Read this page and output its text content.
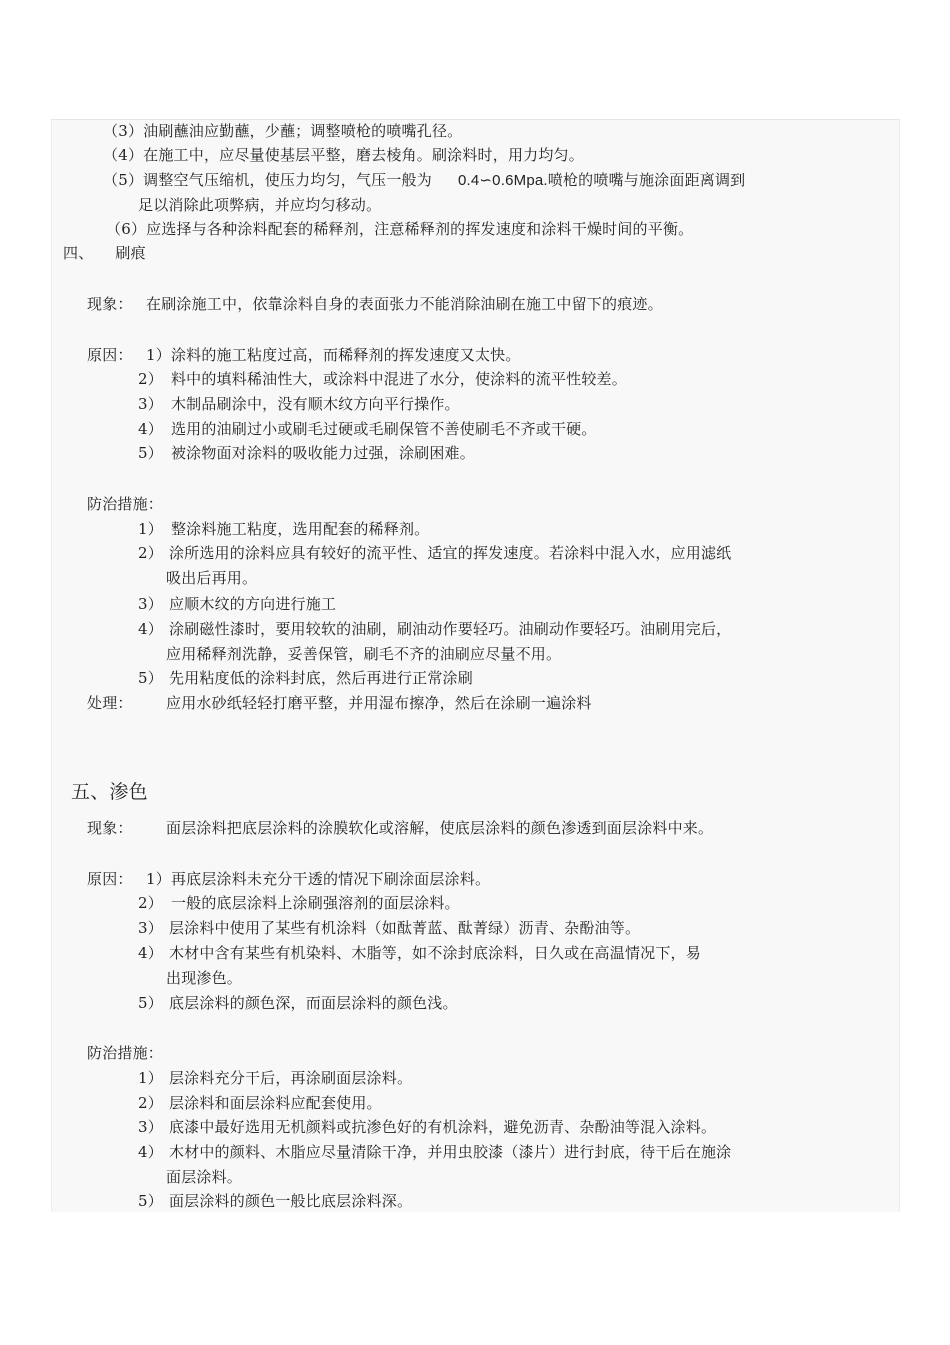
（3）油刷蘸油应勤蘸，少蘸；调整喷枪的喷嘴孔径。
（4）在施工中，应尽量使基层平整，磨去棱角。刷涂料时，用力均匀。
（5）调整空气压缩机，使压力均匀，气压一般为 0.4∽0.6Mpa.喷枪的喷嘴与施涂面距离调到
足以消除此项弊病，并应均匀移动。
（6）应选择与各种涂料配套的稀释剂，注意稀释剂的挥发速度和涂料干燥时间的平衡。
四、 刷痕
现象： 在刷涂施工中，依靠涂料自身的表面张力不能消除油刷在施工中留下的痕迹。
原因： 1）涂料的施工粘度过高，而稀释剂的挥发速度又太快。
2） 料中的填料稀油性大，或涂料中混进了水分，使涂料的流平性较差。
3） 木制品刷涂中，没有顺木纹方向平行操作。
4） 选用的油刷过小或刷毛过硬或毛刷保管不善使刷毛不齐或干硬。
5） 被涂物面对涂料的吸收能力过强，涂刷困难。
防治措施：
1） 整涂料施工粘度，选用配套的稀释剂。
2） 涂所选用的涂料应具有较好的流平性、适宜的挥发速度。若涂料中混入水，应用滤纸
吸出后再用。
3） 应顺木纹的方向进行施工
4） 涂刷磁性漆时，要用较软的油刷，刷油动作要轻巧。油刷动作要轻巧。油刷用完后，
应用稀释剂洗静，妥善保管，刷毛不齐的油刷应尽量不用。
5） 先用粘度低的涂料封底，然后再进行正常涂刷
处理： 应用水砂纸轻轻打磨平整，并用湿布擦净，然后在涂刷一遍涂料
五、渗色
现象： 面层涂料把底层涂料的涂膜软化或溶解，使底层涂料的颜色渗透到面层涂料中来。
原因： 1）再底层涂料未充分干透的情况下刷涂面层涂料。
2） 一般的底层涂料上涂刷强溶剂的面层涂料。
3） 层涂料中使用了某些有机涂料（如酞菁蓝、酞菁绿）沥青、杂酚油等。
4） 木材中含有某些有机染料、木脂等，如不涂封底涂料，日久或在高温情况下，易
出现渗色。
5） 底层涂料的颜色深，而面层涂料的颜色浅。
防治措施：
1） 层涂料充分干后，再涂刷面层涂料。
2） 层涂料和面层涂料应配套使用。
3） 底漆中最好选用无机颜料或抗渗色好的有机涂料，避免沥青、杂酚油等混入涂料。
4） 木材中的颜料、木脂应尽量清除干净，并用虫胶漆（漆片）进行封底，待干后在施涂
面层涂料。
5） 面层涂料的颜色一般比底层涂料深。
